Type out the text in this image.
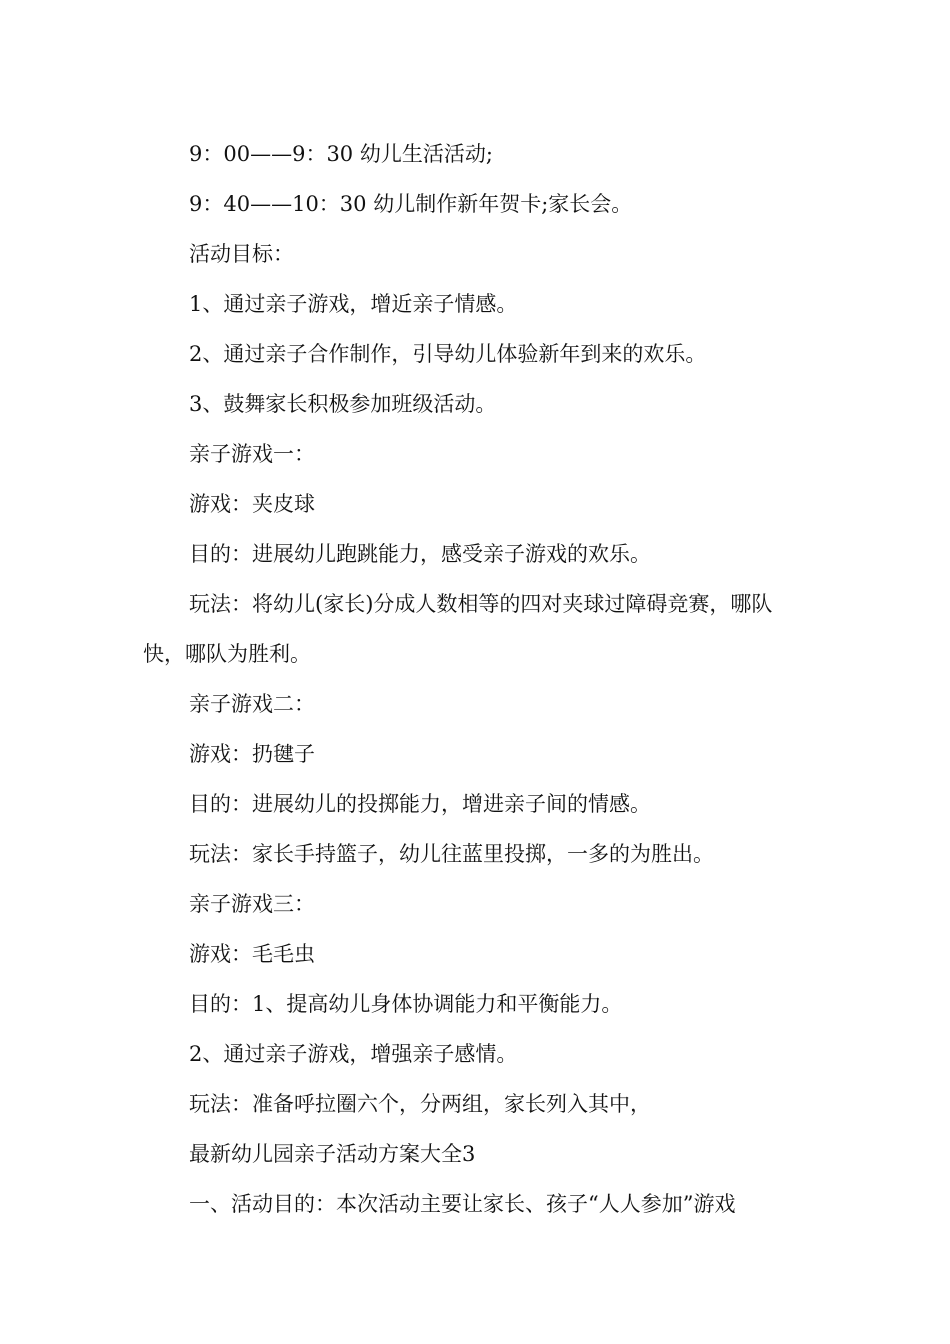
9：00——9：30 幼儿生活活动;

9：40——10：30 幼儿制作新年贺卡;家长会。

活动目标：

1、通过亲子游戏，增近亲子情感。

2、通过亲子合作制作，引导幼儿体验新年到来的欢乐。

3、鼓舞家长积极参加班级活动。

亲子游戏一：

游戏：夹皮球

目的：进展幼儿跑跳能力，感受亲子游戏的欢乐。

玩法：将幼儿(家长)分成人数相等的四对夹球过障碍竞赛，哪队快，哪队为胜利。

亲子游戏二：

游戏：扔毽子

目的：进展幼儿的投掷能力，增进亲子间的情感。

玩法：家长手持篮子，幼儿往蓝里投掷，一多的为胜出。

亲子游戏三：

游戏：毛毛虫

目的：1、提高幼儿身体协调能力和平衡能力。

2、通过亲子游戏，增强亲子感情。

玩法：准备呼拉圈六个，分两组，家长列入其中，

最新幼儿园亲子活动方案大全3

一、活动目的：本次活动主要让家长、孩子“人人参加”游戏
